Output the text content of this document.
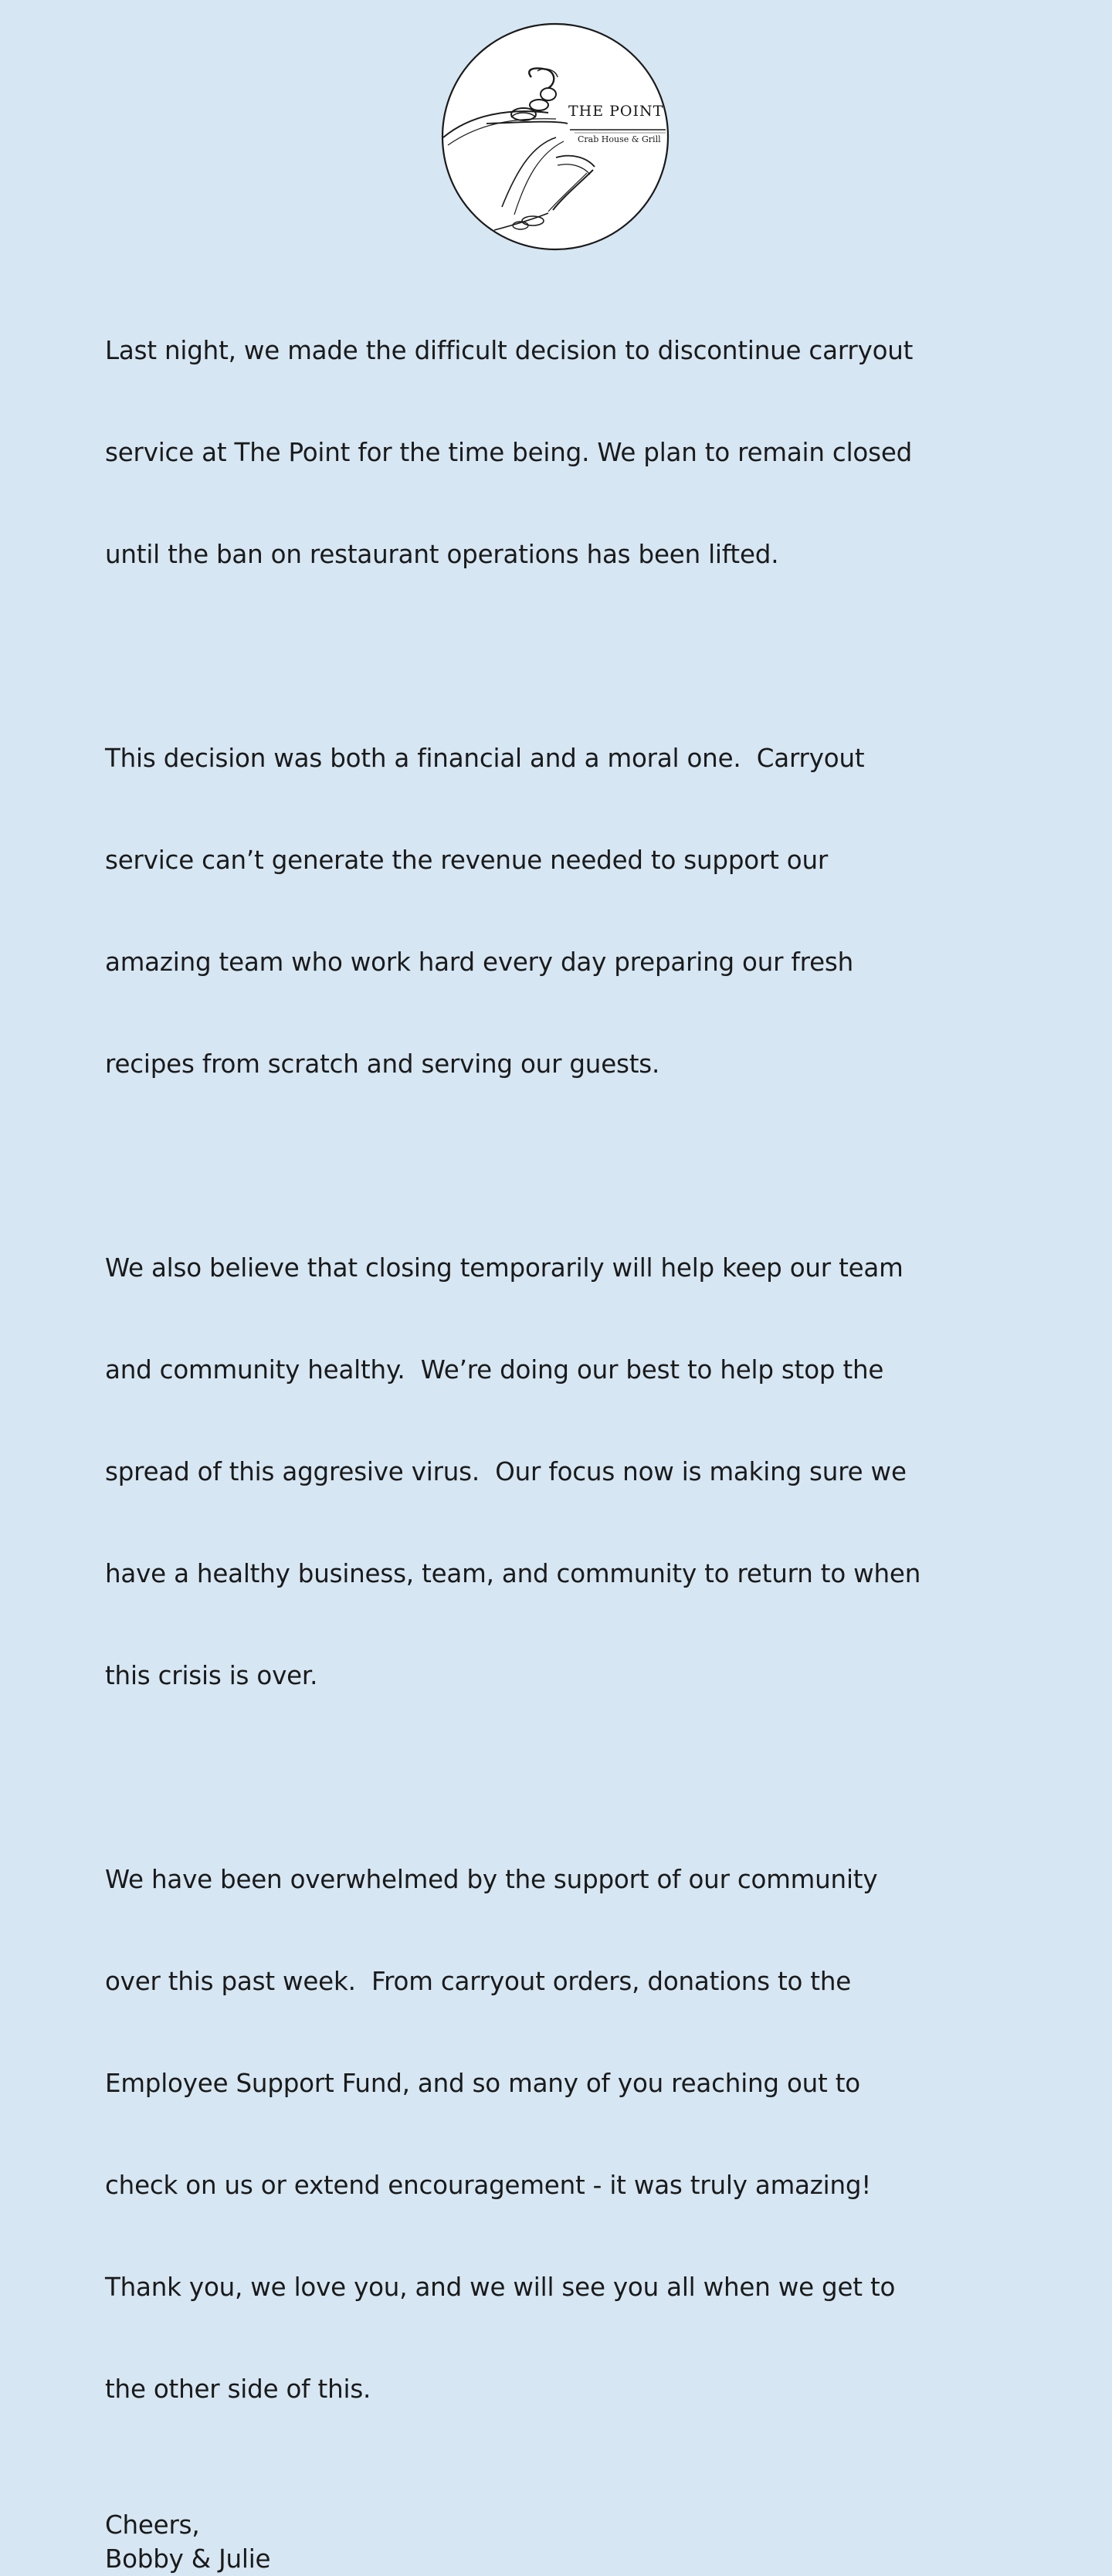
THE POINT
Crab House & Grill

Last night, we made the difficult decision to discontinue carryout

service at The Point for the time being. We plan to remain closed

until the ban on restaurant operations has been lifted.

This decision was both a financial and a moral one.  Carryout

service can’t generate the revenue needed to support our

amazing team who work hard every day preparing our fresh

recipes from scratch and serving our guests.

We also believe that closing temporarily will help keep our team

and community healthy.  We’re doing our best to help stop the

spread of this aggresive virus.  Our focus now is making sure we

have a healthy business, team, and community to return to when

this crisis is over.

We have been overwhelmed by the support of our community

over this past week.  From carryout orders, donations to the

Employee Support Fund, and so many of you reaching out to

check on us or extend encouragement - it was truly amazing!

Thank you, we love you, and we will see you all when we get to

the other side of this.

Cheers,
Bobby & Julie
